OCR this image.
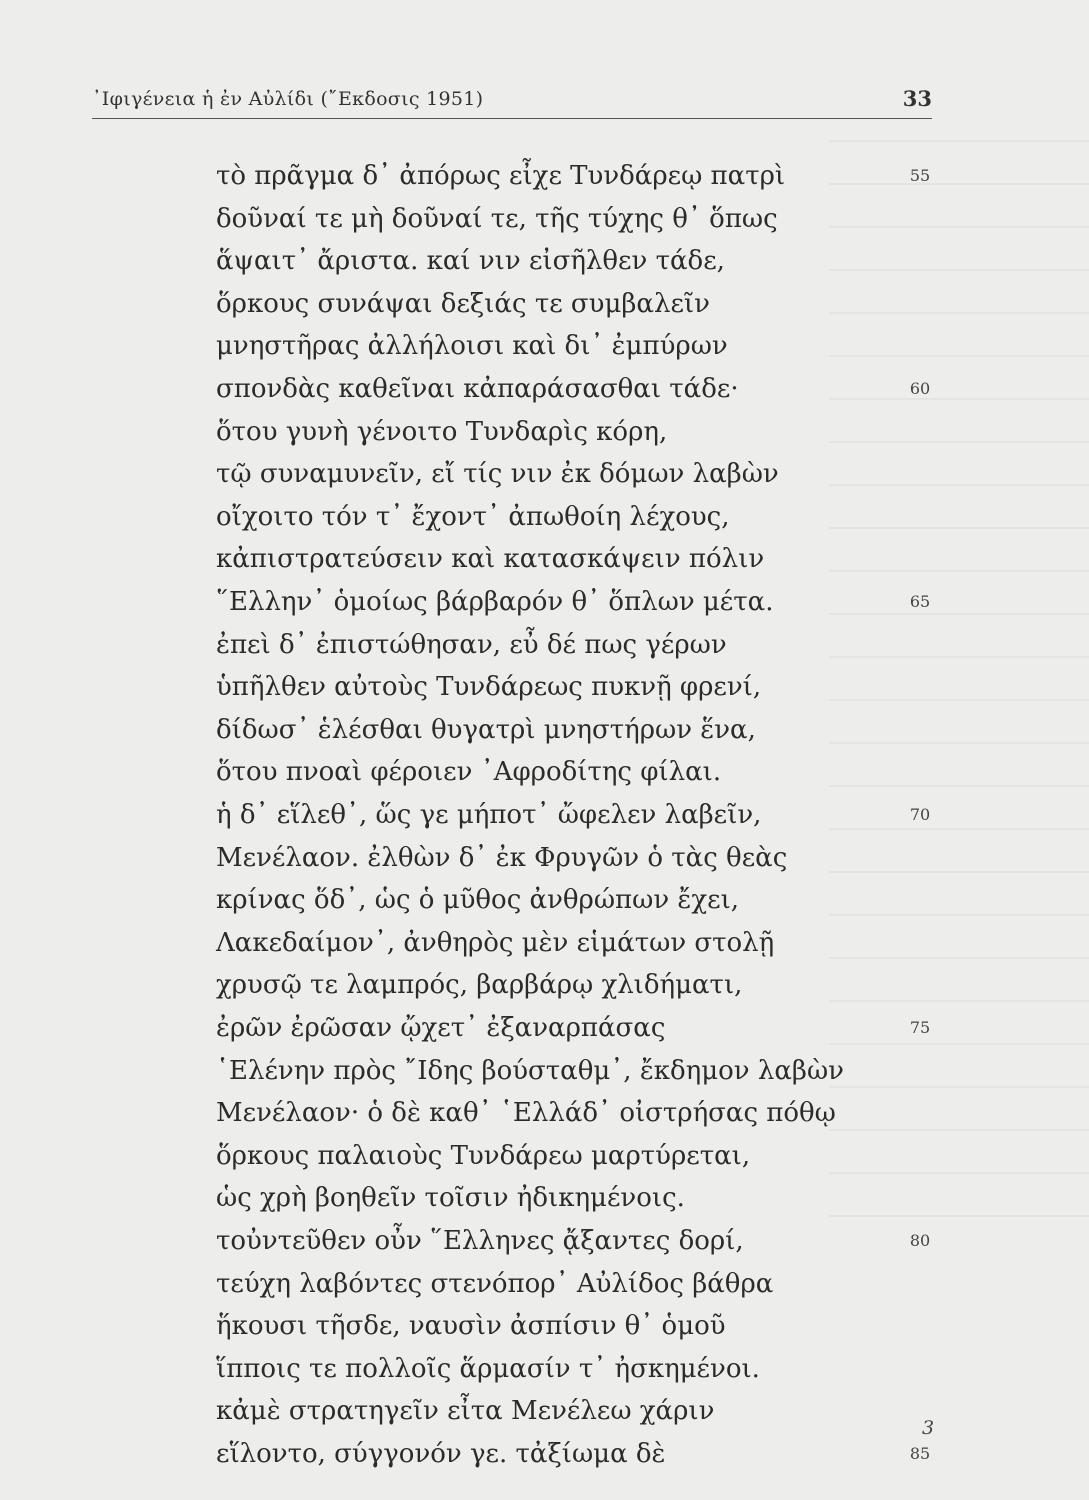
᾽Ιφιγένεια ἡ ἐν Αὐλίδι (῎Εκδοσις 1951)	33
τὸ πρᾶγμα δ᾽ ἀπόρως εἶχε Τυνδάρεῳ πατρὶ	55
δοῦναί τε μὴ δοῦναί τε, τῆς τύχης θ᾽ ὅπως
ἅψαιτ᾽ ἄριστα. καί νιν εἰσῆλθεν τάδε,
ὅρκους συνάψαι δεξιάς τε συμβαλεῖν
μνηστῆρας ἀλλήλοισι καὶ δι᾽ ἐμπύρων
σπονδὰς καθεῖναι κἀπαράσασθαι τάδε·	60
ὅτου γυνὴ γένοιτο Τυνδαρὶς κόρη,
τῷ συναμυνεῖν, εἴ τίς νιν ἐκ δόμων λαβὼν
οἴχοιτο τόν τ᾽ ἔχοντ᾽ ἀπωθοίη λέχους,
κἀπιστρατεύσειν καὶ κατασκάψειν πόλιν
῞Ελλην᾽ ὁμοίως βάρβαρόν θ᾽ ὅπλων μέτα.	65
ἐπεὶ δ᾽ ἐπιστώθησαν, εὖ δέ πως γέρων
ὑπῆλθεν αὐτοὺς Τυνδάρεως πυκνῇ φρενί,
δίδωσ᾽ ἑλέσθαι θυγατρὶ μνηστήρων ἕνα,
ὅτου πνοαὶ φέροιεν ᾽Αφροδίτης φίλαι.
ἡ δ᾽ εἵλεθ᾽, ὥς γε μήποτ᾽ ὤφελεν λαβεῖν,	70
Μενέλαον. ἐλθὼν δ᾽ ἐκ Φρυγῶν ὁ τὰς θεὰς
κρίνας ὅδ᾽, ὡς ὁ μῦθος ἀνθρώπων ἔχει,
Λακεδαίμον᾽, ἀνθηρὸς μὲν εἱμάτων στολῇ
χρυσῷ τε λαμπρός, βαρβάρῳ χλιδήματι,
ἐρῶν ἐρῶσαν ᾤχετ᾽ ἐξαναρπάσας	75
῾Ελένην πρὸς ῎Ιδης βούσταθμ᾽, ἔκδημον λαβὼν
Μενέλαον· ὁ δὲ καθ᾽ ῾Ελλάδ᾽ οἰστρήσας πόθῳ
ὅρκους παλαιοὺς Τυνδάρεω μαρτύρεται,
ὡς χρὴ βοηθεῖν τοῖσιν ἠδικημένοις.
τοὐντεῦθεν οὖν ῞Ελληνες ᾄξαντες δορί,	80
τεύχη λαβόντες στενόπορ᾽ Αὐλίδος βάθρα
ἥκουσι τῆσδε, ναυσὶν ἀσπίσιν θ᾽ ὁμοῦ
ἵπποις τε πολλοῖς ἅρμασίν τ᾽ ἠσκημένοι.
κἀμὲ στρατηγεῖν εἶτα Μενέλεω χάριν
εἵλοντο, σύγγονόν γε. τἀξίωμα δὲ	85
3
